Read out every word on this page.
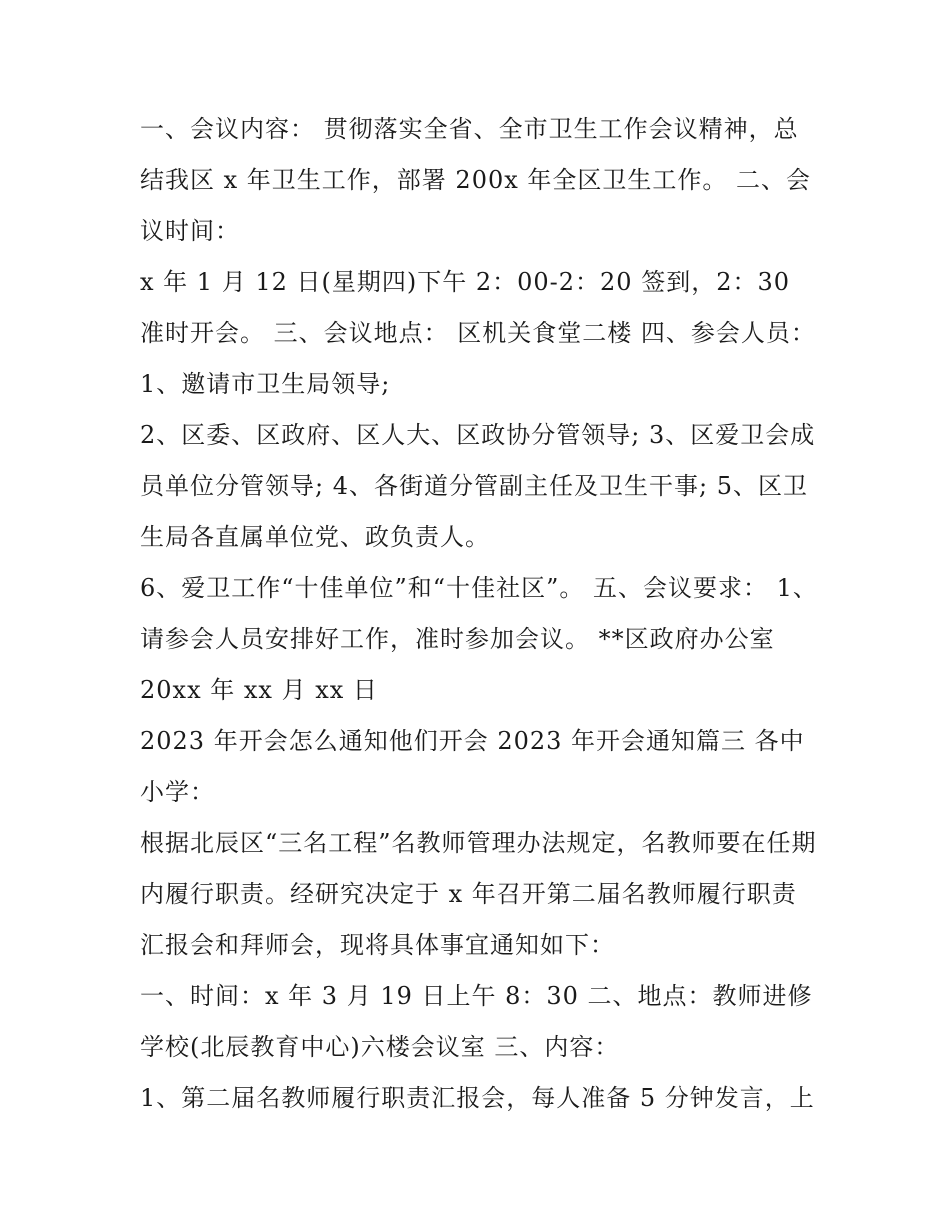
一、会议内容： 贯彻落实全省、全市卫生工作会议精神，总结我区 x 年卫生工作，部署 200x 年全区卫生工作。 二、会议时间：

x 年 1 月 12 日(星期四)下午 2：00-2：20 签到，2：30 准时开会。 三、会议地点： 区机关食堂二楼 四、参会人员： 1、邀请市卫生局领导;

2、区委、区政府、区人大、区政协分管领导; 3、区爱卫会成员单位分管领导; 4、各街道分管副主任及卫生干事; 5、区卫生局各直属单位党、政负责人。

6、爱卫工作“十佳单位”和“十佳社区”。 五、会议要求： 1、请参会人员安排好工作，准时参加会议。 **区政府办公室

20xx 年 xx 月 xx 日

2023 年开会怎么通知他们开会 2023 年开会通知篇三 各中小学：

根据北辰区“三名工程”名教师管理办法规定，名教师要在任期内履行职责。经研究决定于 x 年召开第二届名教师履行职责汇报会和拜师会，现将具体事宜通知如下：

一、时间：x 年 3 月 19 日上午 8：30 二、地点：教师进修学校(北辰教育中心)六楼会议室 三、内容：

1、第二届名教师履行职责汇报会，每人准备 5 分钟发言，上
